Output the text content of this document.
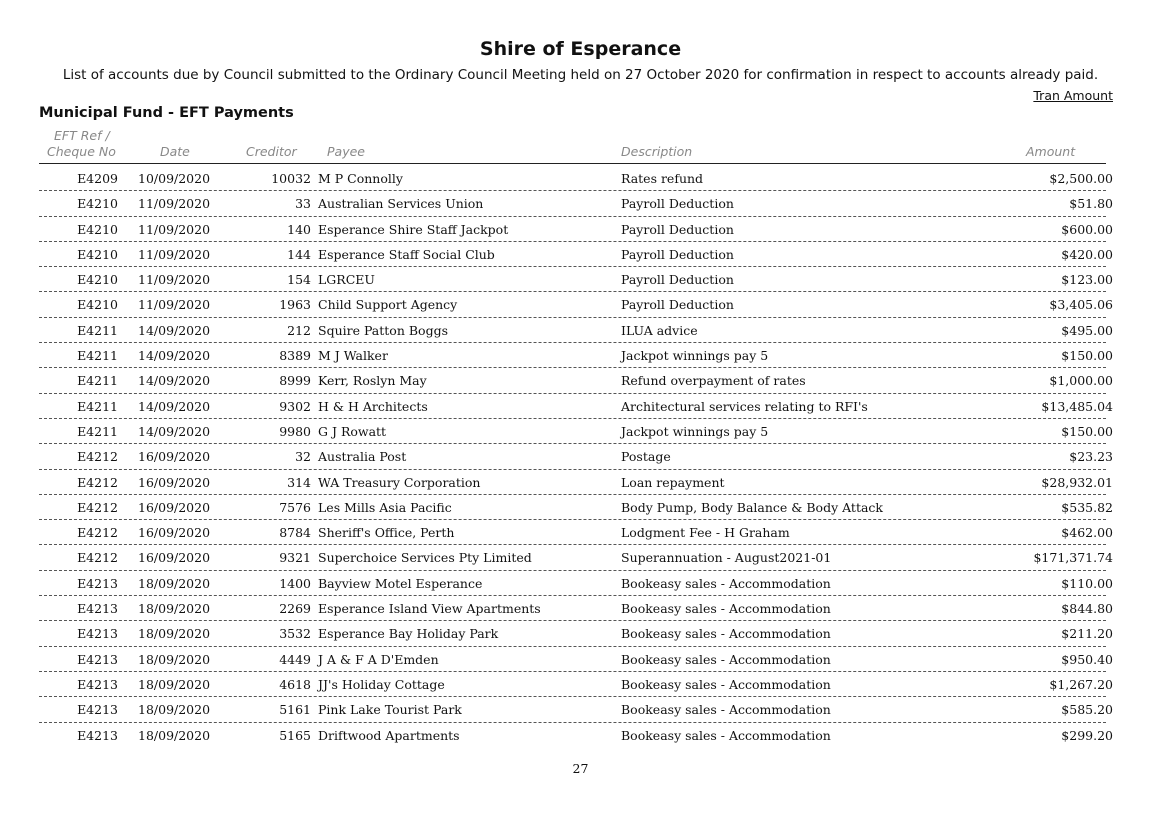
Shire of Esperance
List of accounts due by Council submitted to the Ordinary Council Meeting held on 27 October 2020 for confirmation in respect to accounts already paid.
Tran Amount
Municipal Fund - EFT Payments
EFT Ref /
Cheque No	Date	Creditor Payee	Description	Amount
E4209 10/09/2020	10032 M P Connolly	Rates refund	$2,500.00
E4210 11/09/2020	33 Australian Services Union	Payroll Deduction	$51.80
E4210 11/09/2020	140 Esperance Shire Staff Jackpot	Payroll Deduction	$600.00
E4210 11/09/2020	144 Esperance Staff Social Club	Payroll Deduction	$420.00
E4210 11/09/2020	154 LGRCEU	Payroll Deduction	$123.00
E4210 11/09/2020	1963 Child Support Agency	Payroll Deduction	$3,405.06
E4211 14/09/2020	212 Squire Patton Boggs	ILUA advice	$495.00
E4211 14/09/2020	8389 M J Walker	Jackpot winnings pay 5	$150.00
E4211 14/09/2020	8999 Kerr, Roslyn May	Refund overpayment of rates	$1,000.00
E4211 14/09/2020	9302 H & H Architects	Architectural services relating to RFI's	$13,485.04
E4211 14/09/2020	9980 G J Rowatt	Jackpot winnings pay 5	$150.00
E4212 16/09/2020	32 Australia Post	Postage	$23.23
E4212 16/09/2020	314 WA Treasury Corporation	Loan repayment	$28,932.01
E4212 16/09/2020	7576 Les Mills Asia Pacific	Body Pump, Body Balance & Body Attack	$535.82
E4212 16/09/2020	8784 Sheriff's Office, Perth	Lodgment Fee - H Graham	$462.00
E4212 16/09/2020	9321 Superchoice Services Pty Limited	Superannuation - August2021-01	$171,371.74
E4213 18/09/2020	1400 Bayview Motel Esperance	Bookeasy sales - Accommodation	$110.00
E4213 18/09/2020	2269 Esperance Island View Apartments	Bookeasy sales - Accommodation	$844.80
E4213 18/09/2020	3532 Esperance Bay Holiday Park	Bookeasy sales - Accommodation	$211.20
E4213 18/09/2020	4449 J A & F A D'Emden	Bookeasy sales - Accommodation	$950.40
E4213 18/09/2020	4618 JJ's Holiday Cottage	Bookeasy sales - Accommodation	$1,267.20
E4213 18/09/2020	5161 Pink Lake Tourist Park	Bookeasy sales - Accommodation	$585.20
E4213 18/09/2020	5165 Driftwood Apartments	Bookeasy sales - Accommodation	$299.20
27
